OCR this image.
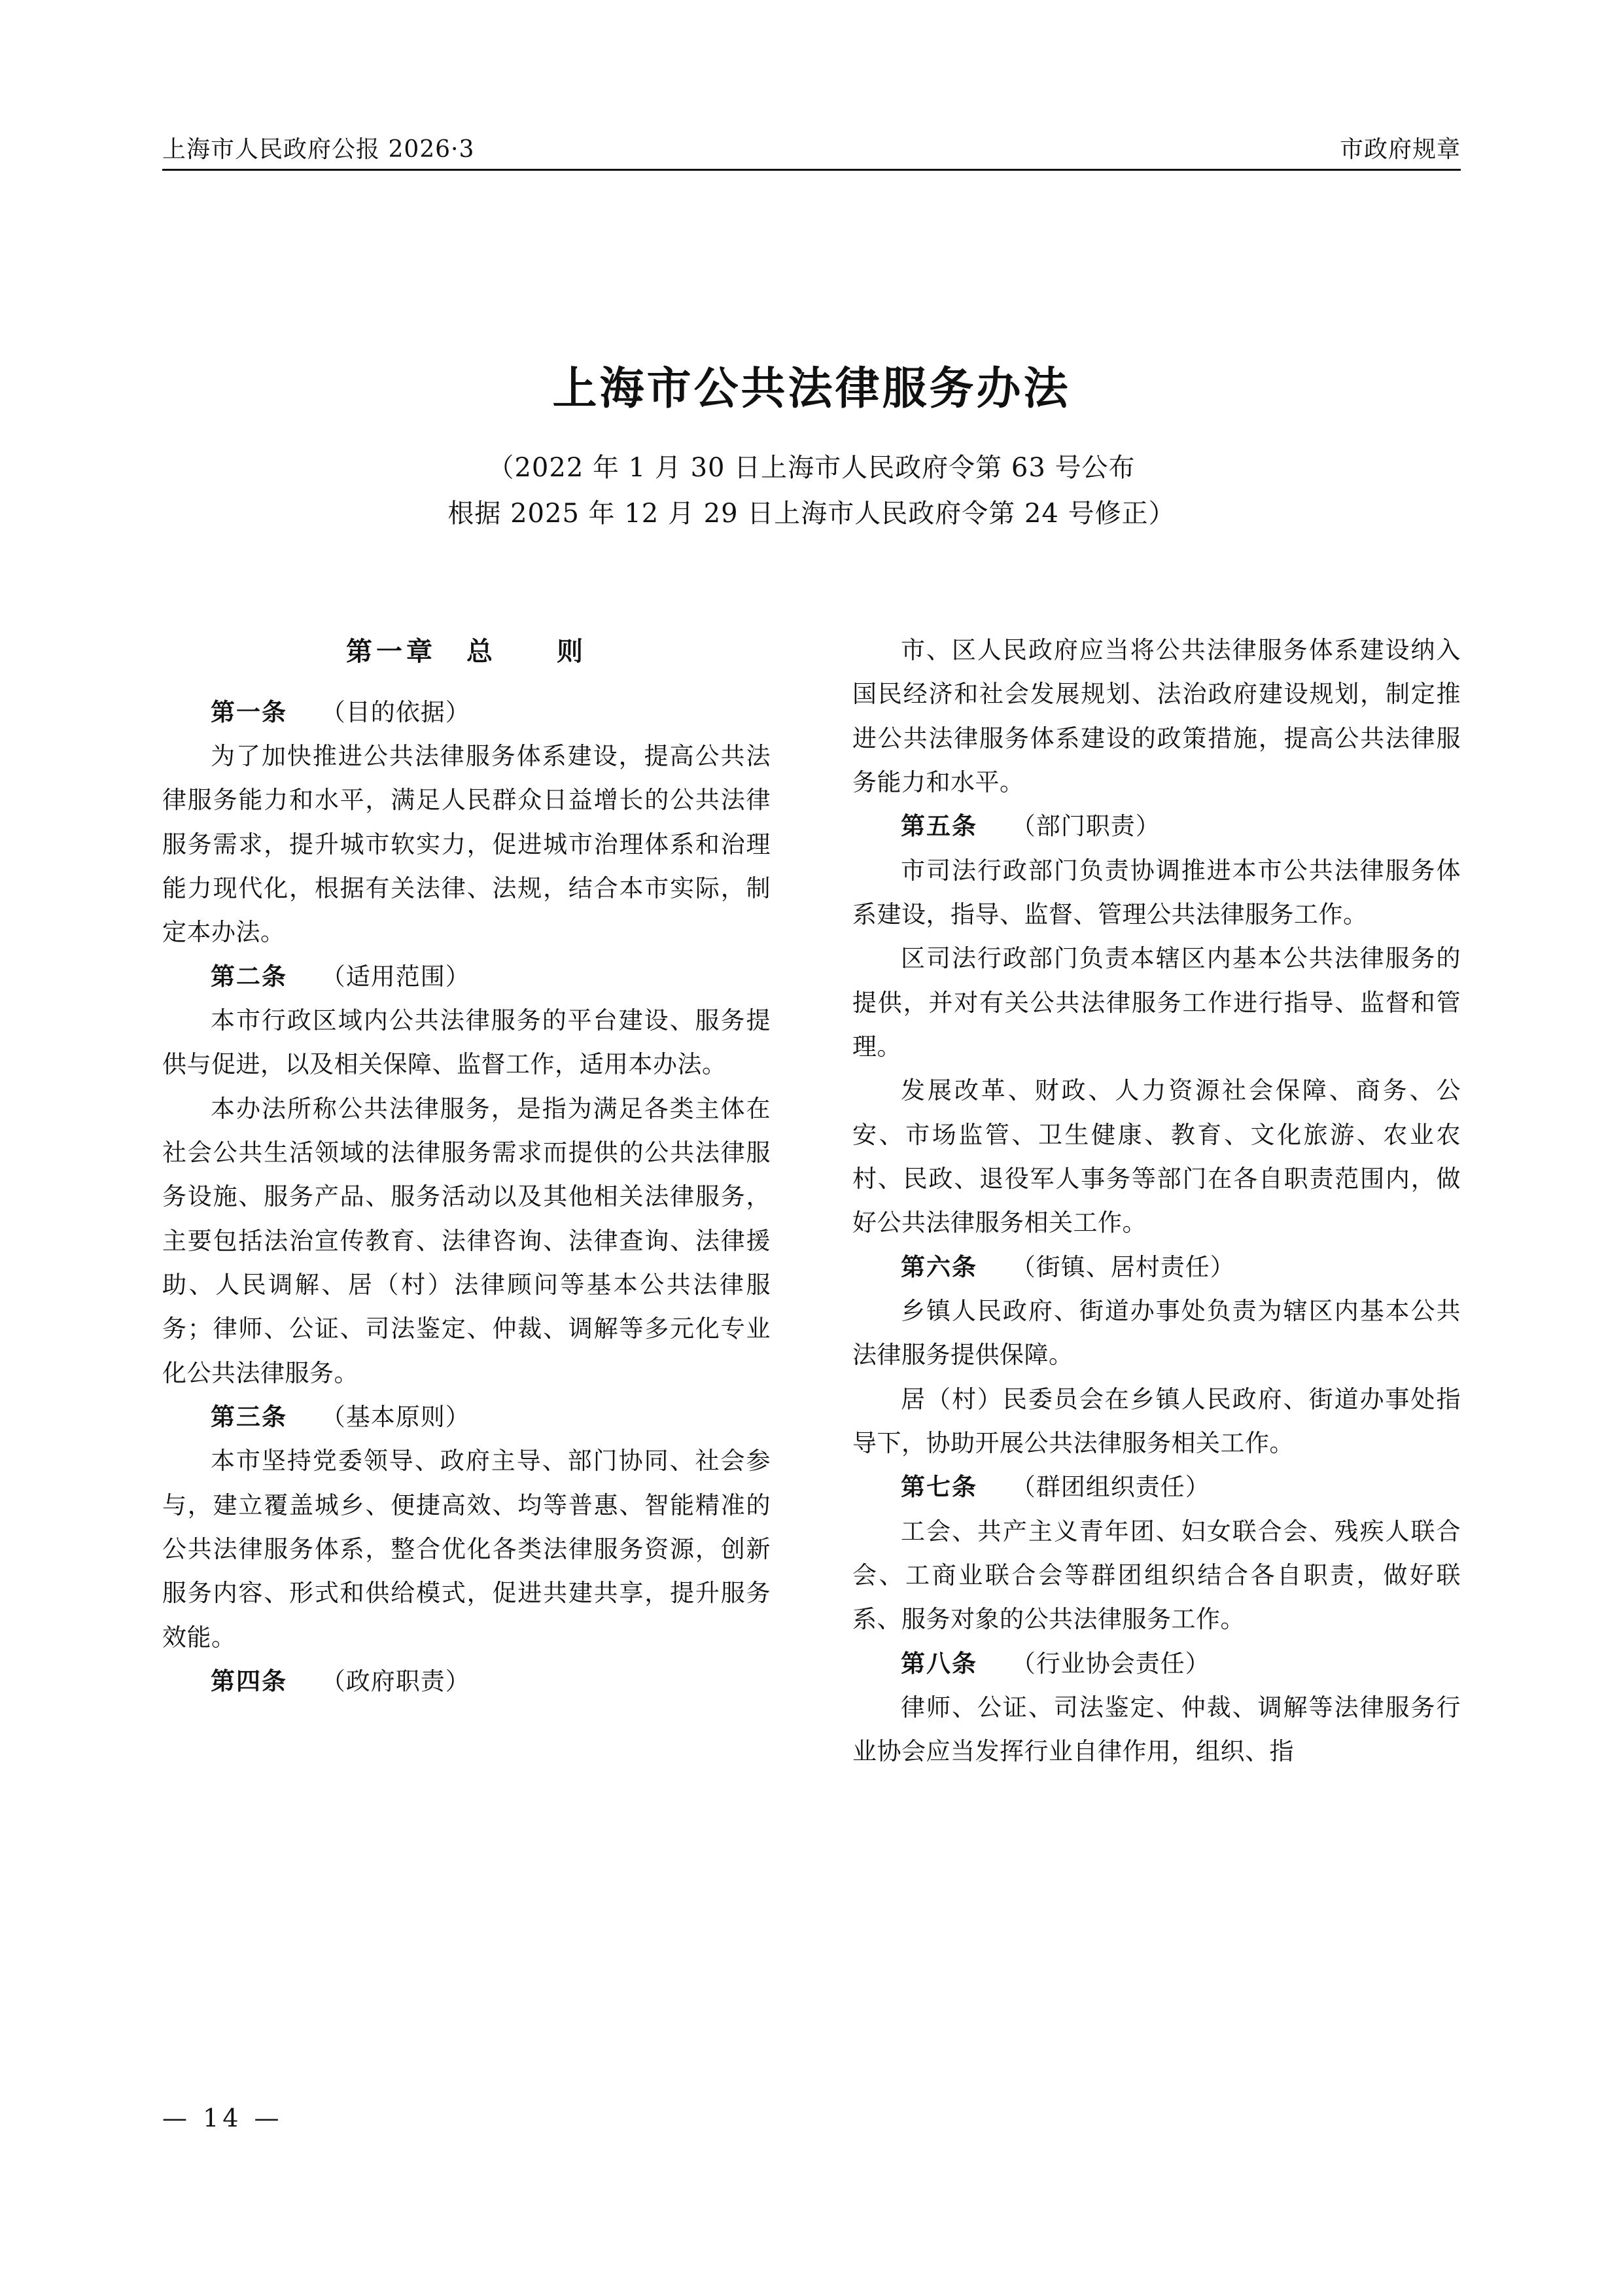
上海市人民政府公报 2026·3	市政府规章
上海市公共法律服务办法
（2022 年 1 月 30 日上海市人民政府令第 63 号公布
根据 2025 年 12 月 29 日上海市人民政府令第 24 号修正）
第一章　总　　则

第一条 （目的依据）

为了加快推进公共法律服务体系建设，提高公共法律服务能力和水平，满足人民群众日益增长的公共法律服务需求，提升城市软实力，促进城市治理体系和治理能力现代化，根据有关法律、法规，结合本市实际，制定本办法。

第二条 （适用范围）

本市行政区域内公共法律服务的平台建设、服务提供与促进，以及相关保障、监督工作，适用本办法。

本办法所称公共法律服务，是指为满足各类主体在社会公共生活领域的法律服务需求而提供的公共法律服务设施、服务产品、服务活动以及其他相关法律服务，主要包括法治宣传教育、法律咨询、法律查询、法律援助、人民调解、居（村）法律顾问等基本公共法律服务；律师、公证、司法鉴定、仲裁、调解等多元化专业化公共法律服务。

第三条 （基本原则）

本市坚持党委领导、政府主导、部门协同、社会参与，建立覆盖城乡、便捷高效、均等普惠、智能精准的公共法律服务体系，整合优化各类法律服务资源，创新服务内容、形式和供给模式，促进共建共享，提升服务效能。

第四条 （政府职责）

市、区人民政府应当将公共法律服务体系建设纳入国民经济和社会发展规划、法治政府建设规划，制定推进公共法律服务体系建设的政策措施，提高公共法律服务能力和水平。

第五条 （部门职责）

市司法行政部门负责协调推进本市公共法律服务体系建设，指导、监督、管理公共法律服务工作。

区司法行政部门负责本辖区内基本公共法律服务的提供，并对有关公共法律服务工作进行指导、监督和管理。

发展改革、财政、人力资源社会保障、商务、公安、市场监管、卫生健康、教育、文化旅游、农业农村、民政、退役军人事务等部门在各自职责范围内，做好公共法律服务相关工作。

第六条 （街镇、居村责任）

乡镇人民政府、街道办事处负责为辖区内基本公共法律服务提供保障。

居（村）民委员会在乡镇人民政府、街道办事处指导下，协助开展公共法律服务相关工作。

第七条 （群团组织责任）

工会、共产主义青年团、妇女联合会、残疾人联合会、工商业联合会等群团组织结合各自职责，做好联系、服务对象的公共法律服务工作。

第八条 （行业协会责任）

律师、公证、司法鉴定、仲裁、调解等法律服务行业协会应当发挥行业自律作用，组织、指

— 14 —
